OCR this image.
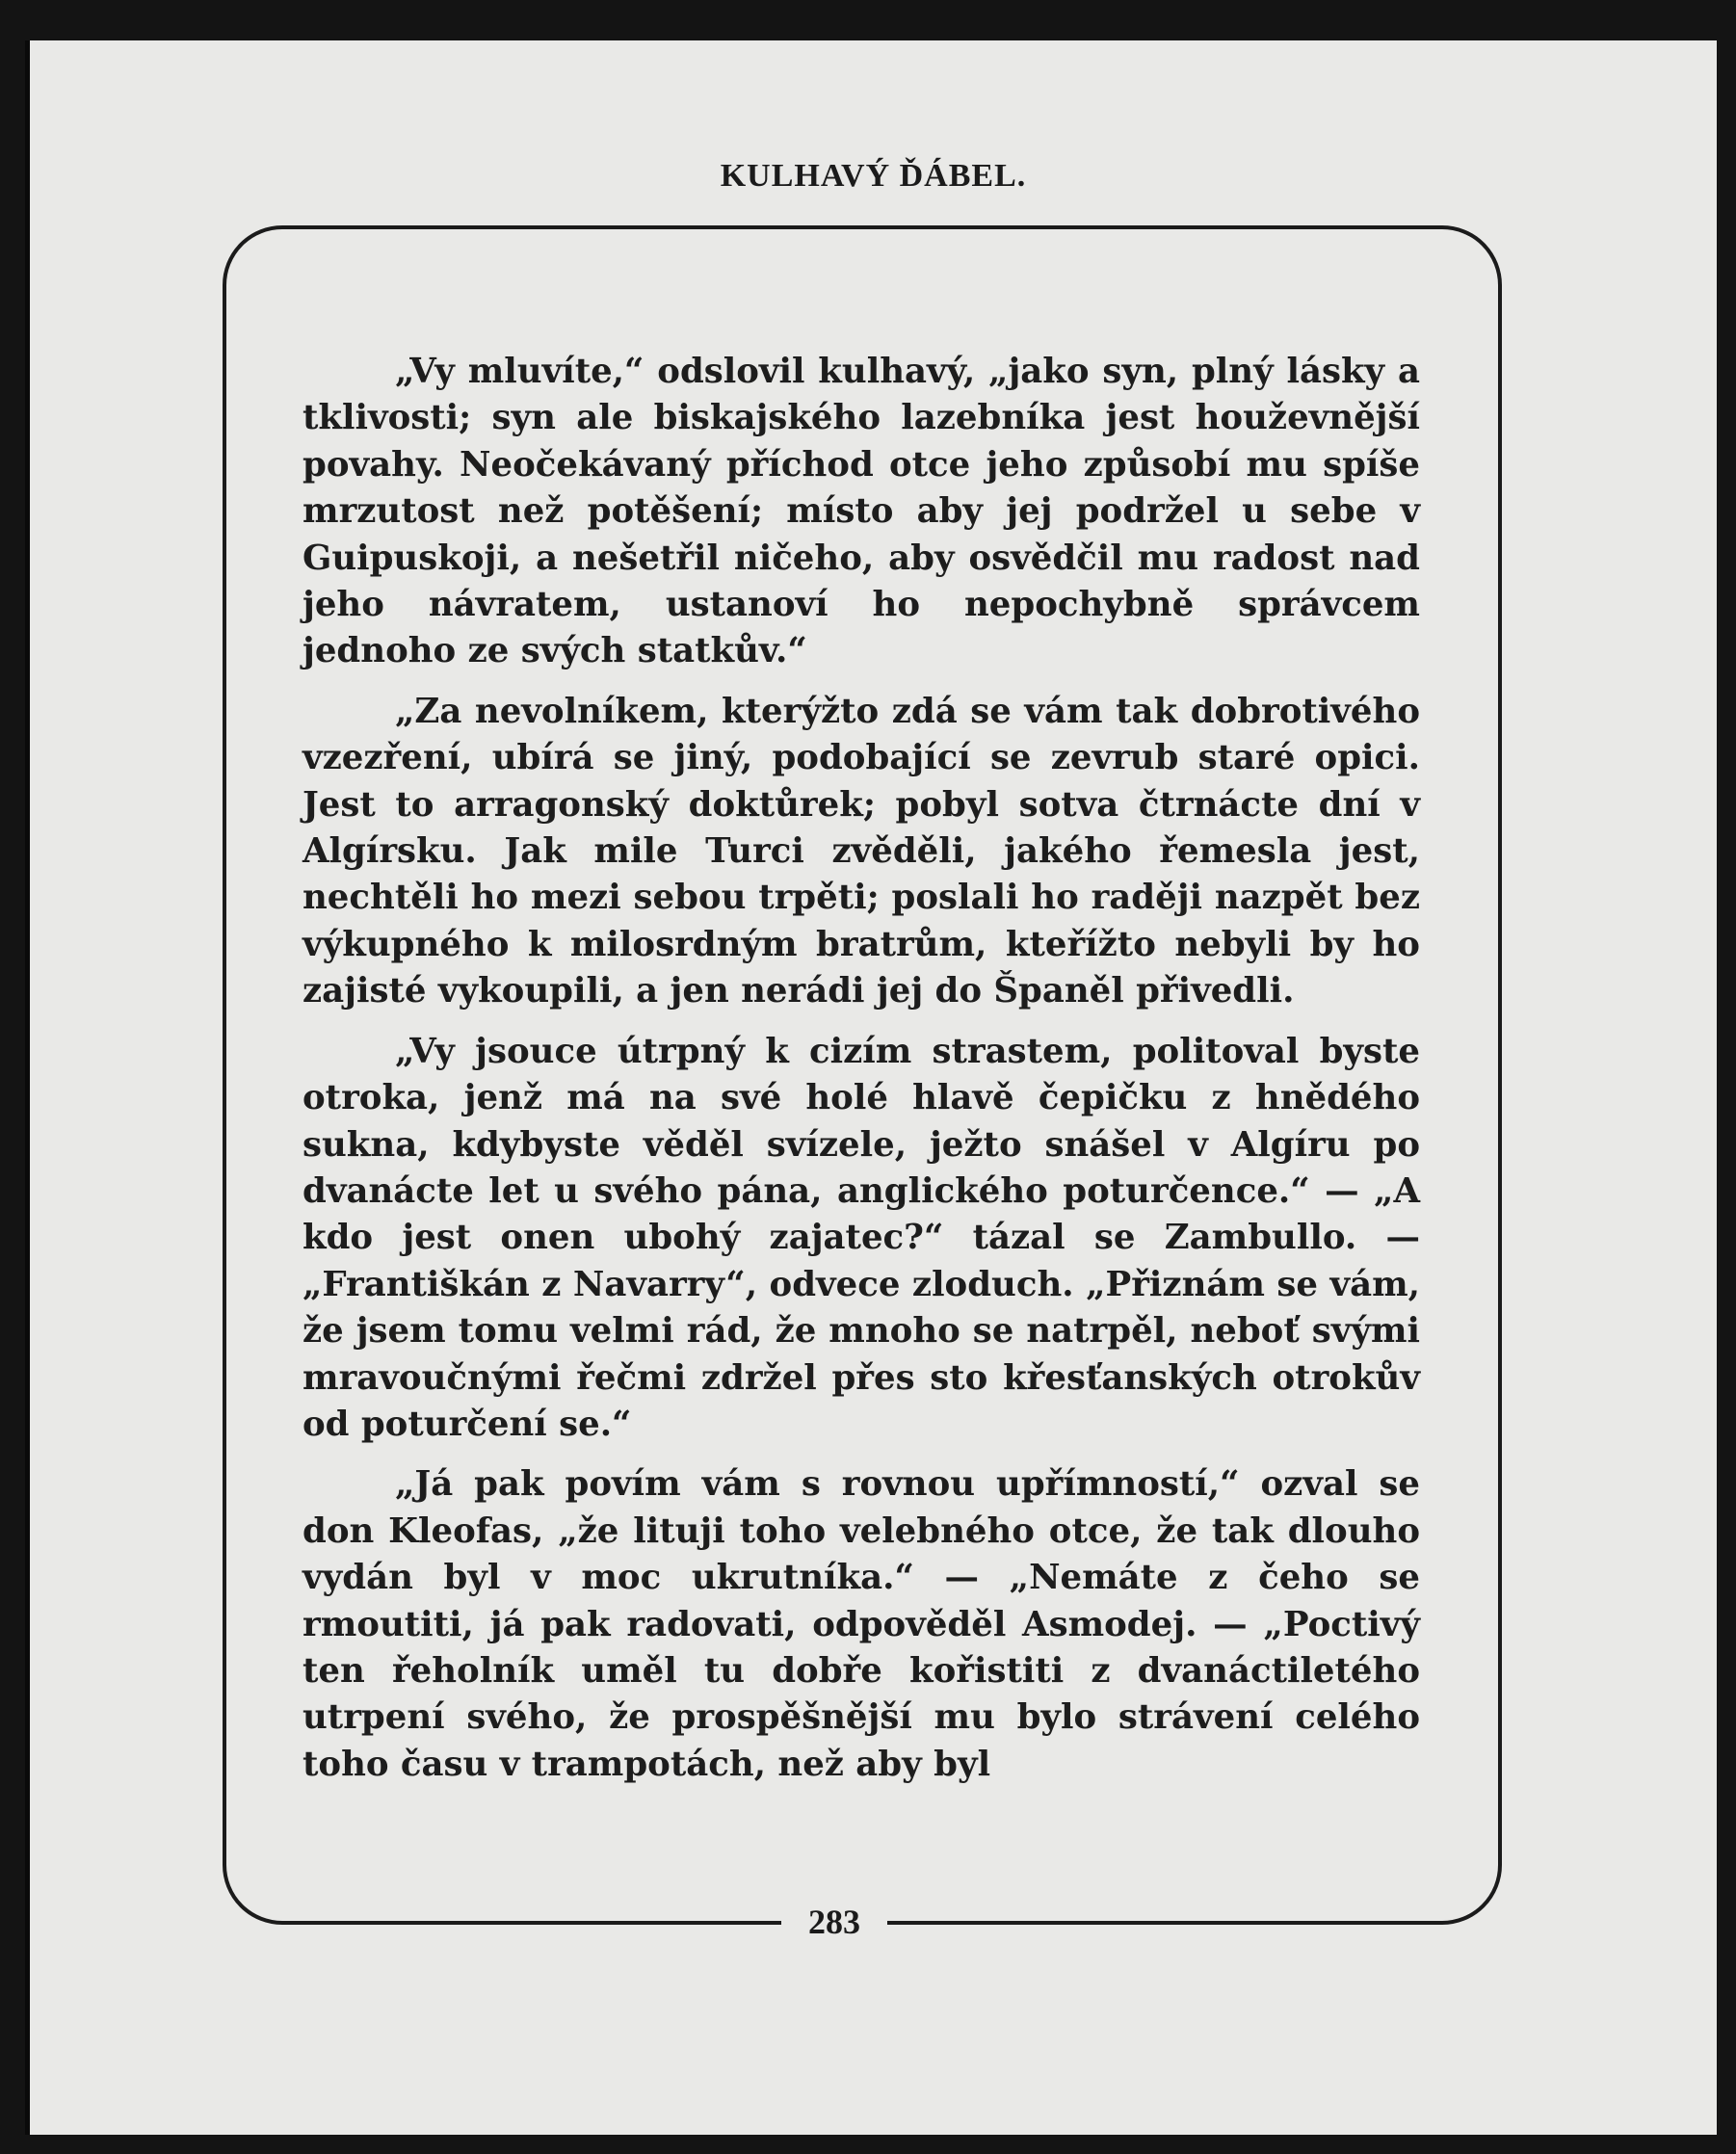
KULHAVÝ ĎÁBEL.
283

„Vy mluvíte,“ odslovil kulhavý, „jako syn, plný lásky a tklivosti; syn ale biskajského lazebníka jest houževnější povahy. Neočekávaný příchod otce jeho způsobí mu spíše mrzutost než potěšení; místo aby jej podržel u sebe v Guipuskoji, a nešetřil ničeho, aby osvědčil mu radost nad jeho návratem, ustanoví ho nepochybně správcem jednoho ze svých statkův.“

„Za nevolníkem, kterýžto zdá se vám tak dobrotivého vzezření, ubírá se jiný, podobající se zevrub staré opici. Jest to arragonský doktůrek; pobyl sotva čtrnácte dní v Algírsku. Jak mile Turci zvěděli, jakého řemesla jest, nechtěli ho mezi sebou trpěti; poslali ho raději nazpět bez výkupného k milosrdným bratrům, kteřížto nebyli by ho zajisté vykoupili, a jen nerádi jej do Španěl přivedli.

„Vy jsouce útrpný k cizím strastem, politoval byste otroka, jenž má na své holé hlavě čepičku z hnědého sukna, kdybyste věděl svízele, ježto snášel v Algíru po dvanácte let u svého pána, anglického poturčence.“ — „A kdo jest onen ubohý zajatec?“ tázal se Zambullo. — „Františkán z Navarry“, odvece zloduch. „Přiznám se vám, že jsem tomu velmi rád, že mnoho se natrpěl, neboť svými mravoučnými řečmi zdržel přes sto křesťanských otrokův od poturčení se.“

„Já pak povím vám s rovnou upřímností,“ ozval se don Kleofas, „že lituji toho velebného otce, že tak dlouho vydán byl v moc ukrutníka.“ — „Nemáte z čeho se rmoutiti, já pak radovati, odpověděl Asmodej. — „Poctivý ten řeholník uměl tu dobře kořistiti z dvanáctiletého utrpení svého, že prospěšnější mu bylo strávení celého toho času v trampotách, než aby byl
